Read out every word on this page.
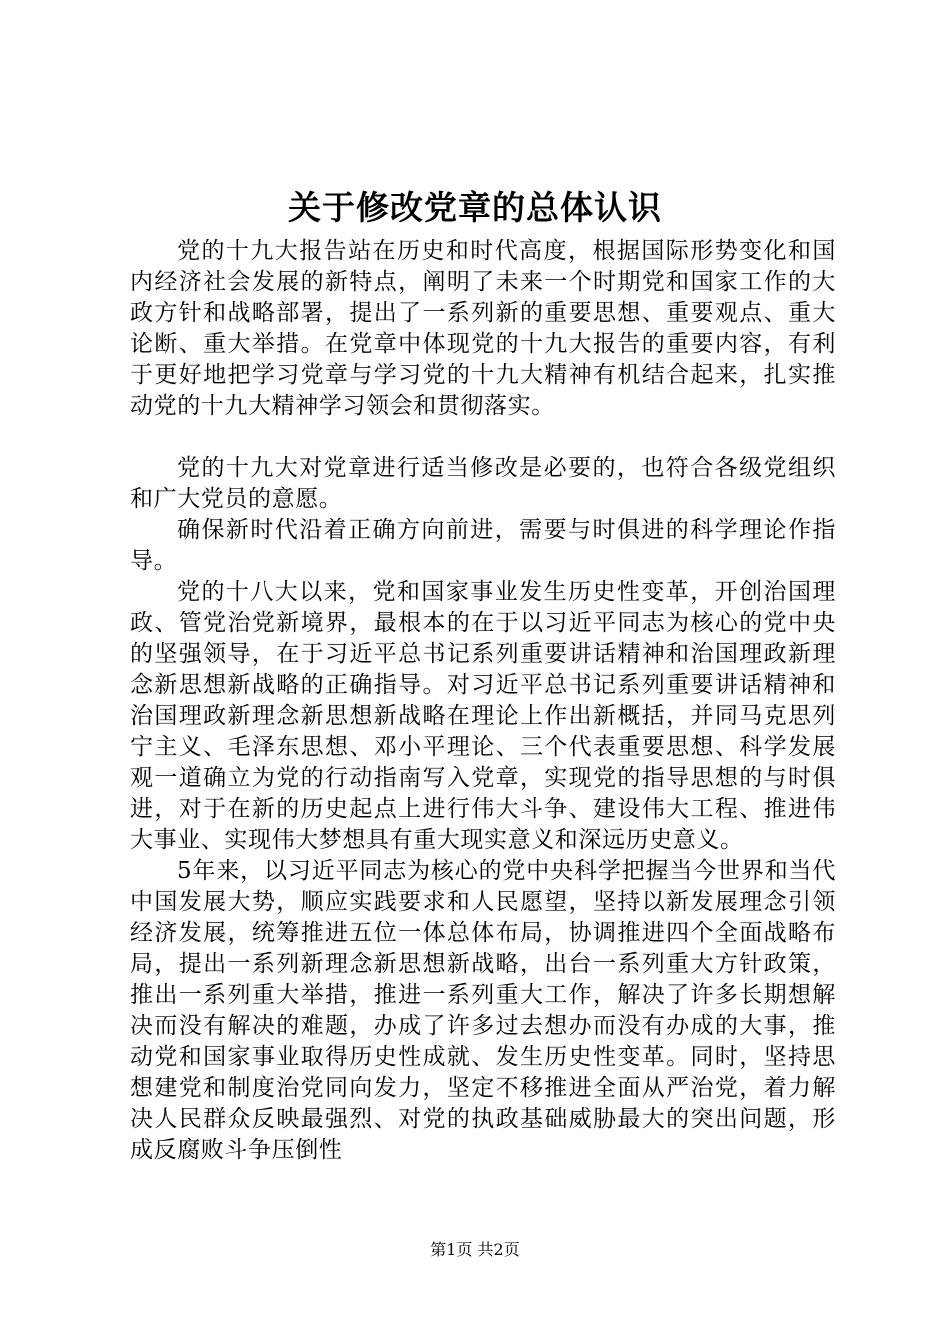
关于修改党章的总体认识

党的十九大报告站在历史和时代高度，根据国际形势变化和国内经济社会发展的新特点，阐明了未来一个时期党和国家工作的大政方针和战略部署，提出了一系列新的重要思想、重要观点、重大论断、重大举措。在党章中体现党的十九大报告的重要内容，有利于更好地把学习党章与学习党的十九大精神有机结合起来，扎实推动党的十九大精神学习领会和贯彻落实。

党的十九大对党章进行适当修改是必要的，也符合各级党组织和广大党员的意愿。

确保新时代沿着正确方向前进，需要与时俱进的科学理论作指导。

党的十八大以来，党和国家事业发生历史性变革，开创治国理政、管党治党新境界，最根本的在于以习近平同志为核心的党中央的坚强领导，在于习近平总书记系列重要讲话精神和治国理政新理念新思想新战略的正确指导。对习近平总书记系列重要讲话精神和治国理政新理念新思想新战略在理论上作出新概括，并同马克思列宁主义、毛泽东思想、邓小平理论、三个代表重要思想、科学发展观一道确立为党的行动指南写入党章，实现党的指导思想的与时俱进，对于在新的历史起点上进行伟大斗争、建设伟大工程、推进伟大事业、实现伟大梦想具有重大现实意义和深远历史意义。

5年来，以习近平同志为核心的党中央科学把握当今世界和当代中国发展大势，顺应实践要求和人民愿望，坚持以新发展理念引领经济发展，统筹推进五位一体总体布局，协调推进四个全面战略布局，提出一系列新理念新思想新战略，出台一系列重大方针政策，推出一系列重大举措，推进一系列重大工作，解决了许多长期想解决而没有解决的难题，办成了许多过去想办而没有办成的大事，推动党和国家事业取得历史性成就、发生历史性变革。同时，坚持思想建党和制度治党同向发力，坚定不移推进全面从严治党，着力解决人民群众反映最强烈、对党的执政基础威胁最大的突出问题，形成反腐败斗争压倒性

第1页 共2页
